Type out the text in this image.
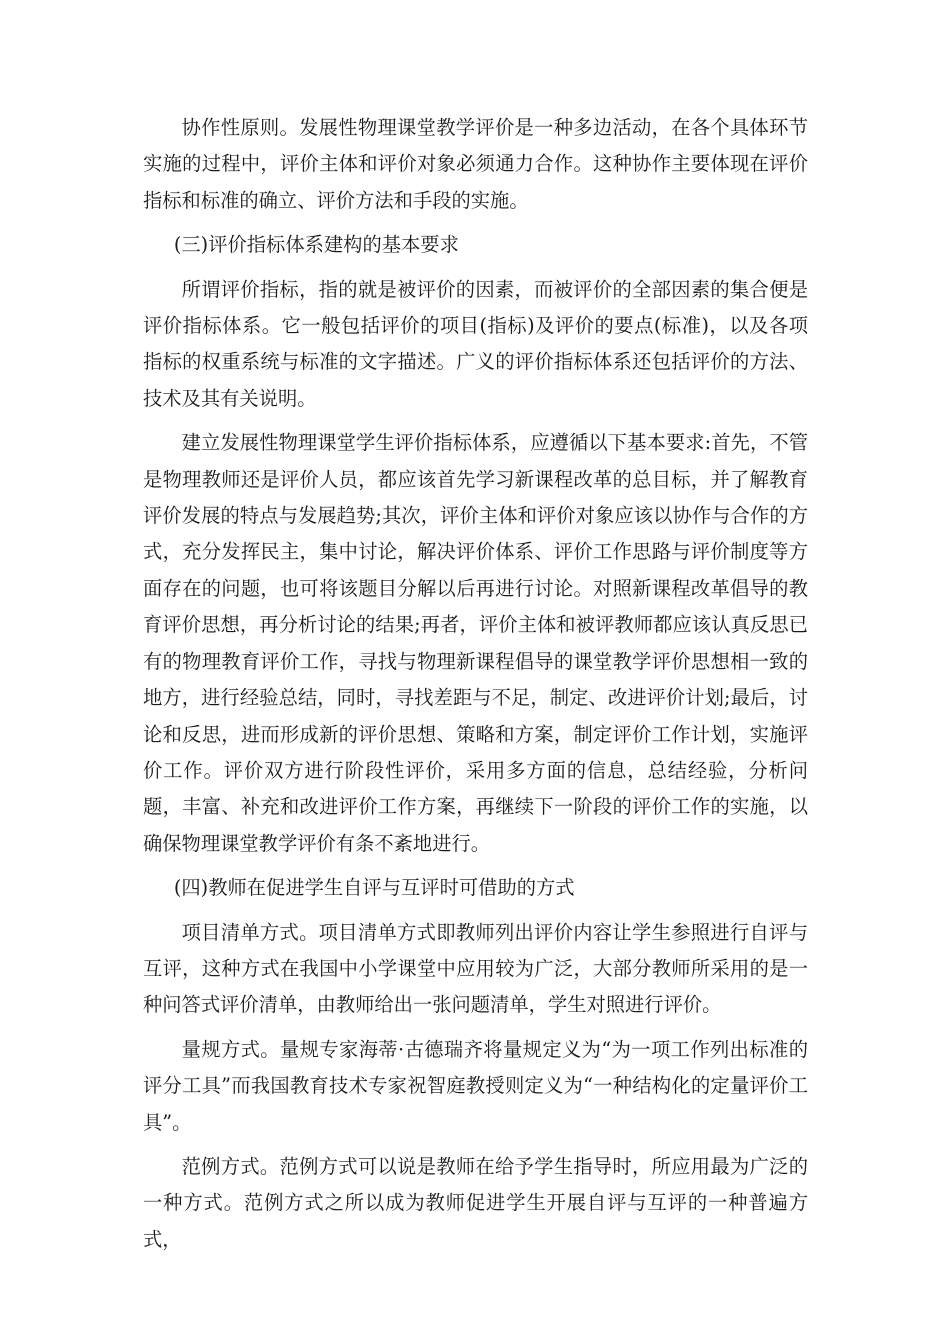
协作性原则。发展性物理课堂教学评价是一种多边活动，在各个具体环节实施的过程中，评价主体和评价对象必须通力合作。这种协作主要体现在评价指标和标准的确立、评价方法和手段的实施。

(三)评价指标体系建构的基本要求

所谓评价指标，指的就是被评价的因素，而被评价的全部因素的集合便是评价指标体系。它一般包括评价的项目(指标)及评价的要点(标准)，以及各项指标的权重系统与标准的文字描述。广义的评价指标体系还包括评价的方法、技术及其有关说明。

建立发展性物理课堂学生评价指标体系，应遵循以下基本要求:首先，不管是物理教师还是评价人员，都应该首先学习新课程改革的总目标，并了解教育评价发展的特点与发展趋势;其次，评价主体和评价对象应该以协作与合作的方式，充分发挥民主，集中讨论，解决评价体系、评价工作思路与评价制度等方面存在的问题，也可将该题目分解以后再进行讨论。对照新课程改革倡导的教育评价思想，再分析讨论的结果;再者，评价主体和被评教师都应该认真反思已有的物理教育评价工作，寻找与物理新课程倡导的课堂教学评价思想相一致的地方，进行经验总结，同时，寻找差距与不足，制定、改进评价计划;最后，讨论和反思，进而形成新的评价思想、策略和方案，制定评价工作计划，实施评价工作。评价双方进行阶段性评价，采用多方面的信息，总结经验，分析问题，丰富、补充和改进评价工作方案，再继续下一阶段的评价工作的实施，以确保物理课堂教学评价有条不紊地进行。

(四)教师在促进学生自评与互评时可借助的方式

项目清单方式。项目清单方式即教师列出评价内容让学生参照进行自评与互评，这种方式在我国中小学课堂中应用较为广泛，大部分教师所采用的是一种问答式评价清单，由教师给出一张问题清单，学生对照进行评价。

量规方式。量规专家海蒂·古德瑞齐将量规定义为“为一项工作列出标准的评分工具”而我国教育技术专家祝智庭教授则定义为“一种结构化的定量评价工具”。

范例方式。范例方式可以说是教师在给予学生指导时，所应用最为广泛的一种方式。范例方式之所以成为教师促进学生开展自评与互评的一种普遍方式，
